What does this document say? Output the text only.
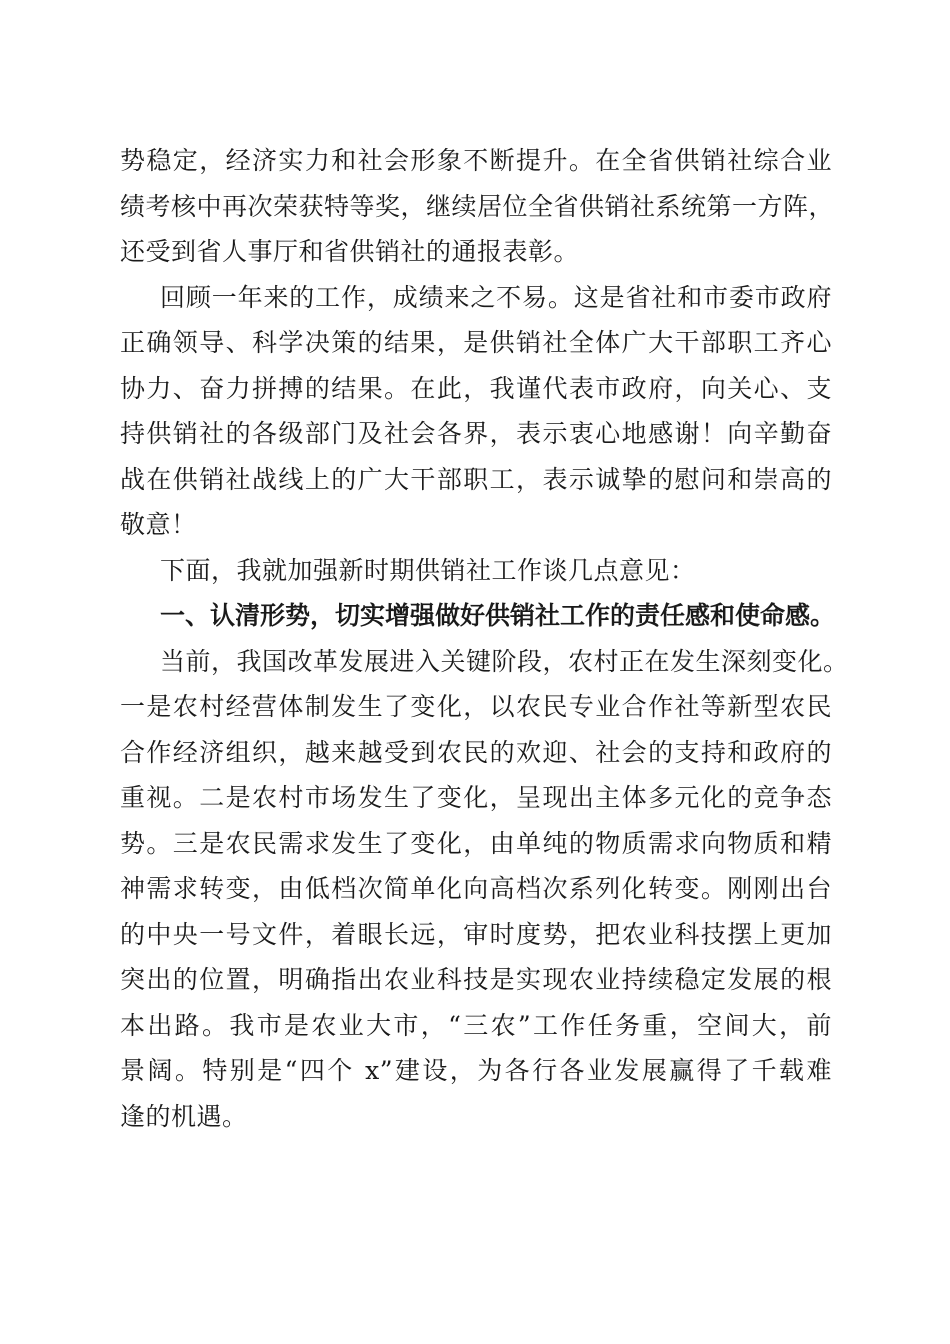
势稳定，经济实力和社会形象不断提升。在全省供销社综合业
绩考核中再次荣获特等奖，继续居位全省供销社系统第一方阵，
还受到省人事厅和省供销社的通报表彰。
回顾一年来的工作，成绩来之不易。这是省社和市委市政府
正确领导、科学决策的结果，是供销社全体广大干部职工齐心
协力、奋力拼搏的结果。在此，我谨代表市政府，向关心、支
持供销社的各级部门及社会各界，表示衷心地感谢！向辛勤奋
战在供销社战线上的广大干部职工，表示诚挚的慰问和崇高的
敬意！
下面，我就加强新时期供销社工作谈几点意见：
一、认清形势，切实增强做好供销社工作的责任感和使命感。
当前，我国改革发展进入关键阶段，农村正在发生深刻变化。
一是农村经营体制发生了变化，以农民专业合作社等新型农民
合作经济组织，越来越受到农民的欢迎、社会的支持和政府的
重视。二是农村市场发生了变化，呈现出主体多元化的竞争态
势。三是农民需求发生了变化，由单纯的物质需求向物质和精
神需求转变，由低档次简单化向高档次系列化转变。刚刚出台
的中央一号文件，着眼长远，审时度势，把农业科技摆上更加
突出的位置，明确指出农业科技是实现农业持续稳定发展的根
本出路。我市是农业大市，“三农”工作任务重，空间大，前
景阔。特别是“四个 x”建设，为各行各业发展赢得了千载难
逢的机遇。
